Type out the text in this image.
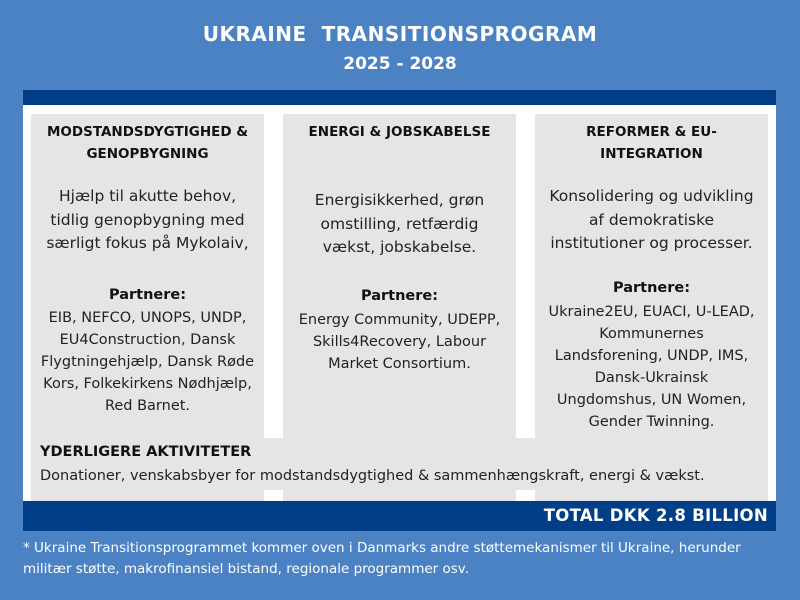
UKRAINE  TRANSITIONSPROGRAM
2025 - 2028
MODSTANDSDYGTIGHED & GENOPBYGNING
Hjælp til akutte behov, tidlig genopbygning med særligt fokus på Mykolaiv,
Partnere:
EIB, NEFCO, UNOPS, UNDP, EU4Construction, Dansk Flygtningehjælp, Dansk Røde Kors, Folkekirkens Nødhjælp, Red Barnet.
ENERGI & JOBSKABELSE
Energisikkerhed, grøn omstilling, retfærdig vækst, jobskabelse.
Partnere:
Energy Community, UDEPP, Skills4Recovery, Labour Market Consortium.
REFORMER & EU-INTEGRATION
Konsolidering og udvikling af demokratiske institutioner og processer.
Partnere:
Ukraine2EU, EUACI, U-LEAD, Kommunernes Landsforening, UNDP, IMS, Dansk-Ukrainsk Ungdomshus, UN Women, Gender Twinning.
YDERLIGERE AKTIVITETER
Donationer, venskabsbyer for modstandsdygtighed & sammenhængskraft, energi & vækst.
TOTAL DKK 2.8 BILLION
* Ukraine Transitionsprogrammet kommer oven i Danmarks andre støttemekanismer til Ukraine, herunder militær støtte, makrofinansiel bistand, regionale programmer osv.
